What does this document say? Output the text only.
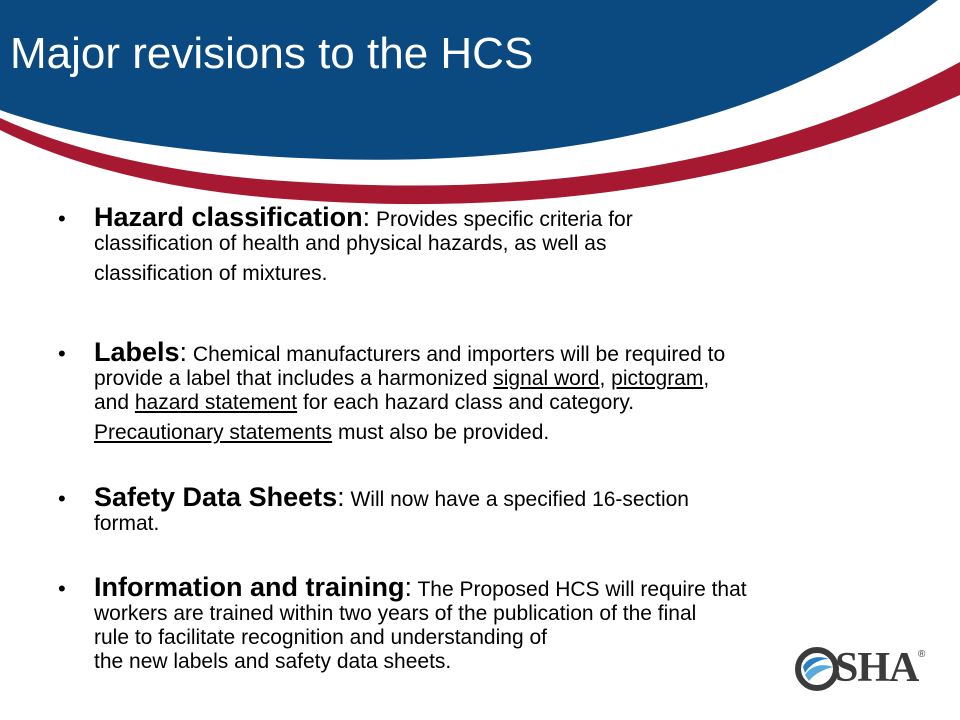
Major revisions to the HCS
• Hazard classification: Provides specific criteria for
classification of health and physical hazards, as well as
classification of mixtures.
• Labels: Chemical manufacturers and importers will be required to
provide a label that includes a harmonized signal word, pictogram,
and hazard statement for each hazard class and category.
Precautionary statements must also be provided.
• Safety Data Sheets: Will now have a specified 16-section
format.
• Information and training: The Proposed HCS will require that
workers are trained within two years of the publication of the final
rule to facilitate recognition and understanding of
the new labels and safety data sheets.	SHA ®
